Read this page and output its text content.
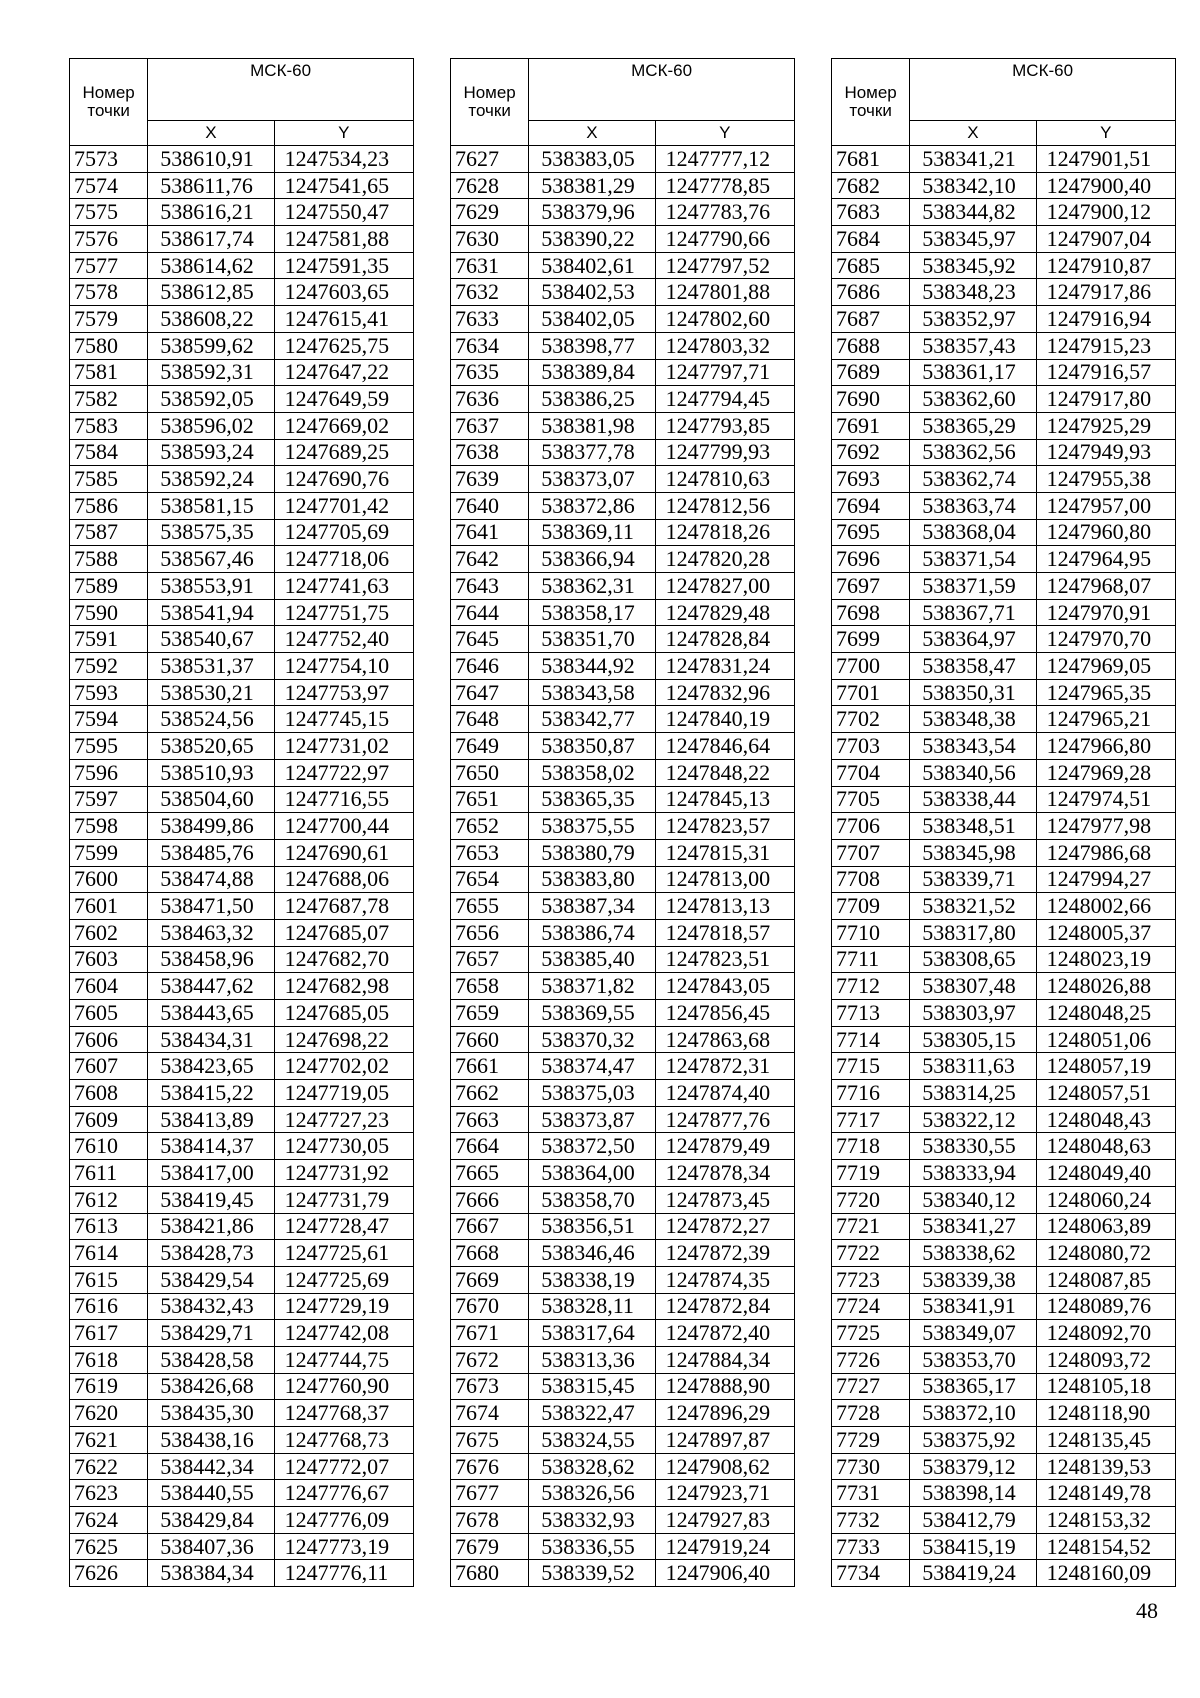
Номер точки	МСК-60	
	X	Y
7573	538610,91	1247534,23
7574	538611,76	1247541,65
7575	538616,21	1247550,47
7576	538617,74	1247581,88
7577	538614,62	1247591,35
7578	538612,85	1247603,65
7579	538608,22	1247615,41
7580	538599,62	1247625,75
7581	538592,31	1247647,22
7582	538592,05	1247649,59
7583	538596,02	1247669,02
7584	538593,24	1247689,25
7585	538592,24	1247690,76
7586	538581,15	1247701,42
7587	538575,35	1247705,69
7588	538567,46	1247718,06
7589	538553,91	1247741,63
7590	538541,94	1247751,75
7591	538540,67	1247752,40
7592	538531,37	1247754,10
7593	538530,21	1247753,97
7594	538524,56	1247745,15
7595	538520,65	1247731,02
7596	538510,93	1247722,97
7597	538504,60	1247716,55
7598	538499,86	1247700,44
7599	538485,76	1247690,61
7600	538474,88	1247688,06
7601	538471,50	1247687,78
7602	538463,32	1247685,07
7603	538458,96	1247682,70
7604	538447,62	1247682,98
7605	538443,65	1247685,05
7606	538434,31	1247698,22
7607	538423,65	1247702,02
7608	538415,22	1247719,05
7609	538413,89	1247727,23
7610	538414,37	1247730,05
7611	538417,00	1247731,92
7612	538419,45	1247731,79
7613	538421,86	1247728,47
7614	538428,73	1247725,61
7615	538429,54	1247725,69
7616	538432,43	1247729,19
7617	538429,71	1247742,08
7618	538428,58	1247744,75
7619	538426,68	1247760,90
7620	538435,30	1247768,37
7621	538438,16	1247768,73
7622	538442,34	1247772,07
7623	538440,55	1247776,67
7624	538429,84	1247776,09
7625	538407,36	1247773,19
7626	538384,34	1247776,11
Номер точки	МСК-60	
	X	Y
7627	538383,05	1247777,12
7628	538381,29	1247778,85
7629	538379,96	1247783,76
7630	538390,22	1247790,66
7631	538402,61	1247797,52
7632	538402,53	1247801,88
7633	538402,05	1247802,60
7634	538398,77	1247803,32
7635	538389,84	1247797,71
7636	538386,25	1247794,45
7637	538381,98	1247793,85
7638	538377,78	1247799,93
7639	538373,07	1247810,63
7640	538372,86	1247812,56
7641	538369,11	1247818,26
7642	538366,94	1247820,28
7643	538362,31	1247827,00
7644	538358,17	1247829,48
7645	538351,70	1247828,84
7646	538344,92	1247831,24
7647	538343,58	1247832,96
7648	538342,77	1247840,19
7649	538350,87	1247846,64
7650	538358,02	1247848,22
7651	538365,35	1247845,13
7652	538375,55	1247823,57
7653	538380,79	1247815,31
7654	538383,80	1247813,00
7655	538387,34	1247813,13
7656	538386,74	1247818,57
7657	538385,40	1247823,51
7658	538371,82	1247843,05
7659	538369,55	1247856,45
7660	538370,32	1247863,68
7661	538374,47	1247872,31
7662	538375,03	1247874,40
7663	538373,87	1247877,76
7664	538372,50	1247879,49
7665	538364,00	1247878,34
7666	538358,70	1247873,45
7667	538356,51	1247872,27
7668	538346,46	1247872,39
7669	538338,19	1247874,35
7670	538328,11	1247872,84
7671	538317,64	1247872,40
7672	538313,36	1247884,34
7673	538315,45	1247888,90
7674	538322,47	1247896,29
7675	538324,55	1247897,87
7676	538328,62	1247908,62
7677	538326,56	1247923,71
7678	538332,93	1247927,83
7679	538336,55	1247919,24
7680	538339,52	1247906,40
Номер точки	МСК-60	
	X	Y
7681	538341,21	1247901,51
7682	538342,10	1247900,40
7683	538344,82	1247900,12
7684	538345,97	1247907,04
7685	538345,92	1247910,87
7686	538348,23	1247917,86
7687	538352,97	1247916,94
7688	538357,43	1247915,23
7689	538361,17	1247916,57
7690	538362,60	1247917,80
7691	538365,29	1247925,29
7692	538362,56	1247949,93
7693	538362,74	1247955,38
7694	538363,74	1247957,00
7695	538368,04	1247960,80
7696	538371,54	1247964,95
7697	538371,59	1247968,07
7698	538367,71	1247970,91
7699	538364,97	1247970,70
7700	538358,47	1247969,05
7701	538350,31	1247965,35
7702	538348,38	1247965,21
7703	538343,54	1247966,80
7704	538340,56	1247969,28
7705	538338,44	1247974,51
7706	538348,51	1247977,98
7707	538345,98	1247986,68
7708	538339,71	1247994,27
7709	538321,52	1248002,66
7710	538317,80	1248005,37
7711	538308,65	1248023,19
7712	538307,48	1248026,88
7713	538303,97	1248048,25
7714	538305,15	1248051,06
7715	538311,63	1248057,19
7716	538314,25	1248057,51
7717	538322,12	1248048,43
7718	538330,55	1248048,63
7719	538333,94	1248049,40
7720	538340,12	1248060,24
7721	538341,27	1248063,89
7722	538338,62	1248080,72
7723	538339,38	1248087,85
7724	538341,91	1248089,76
7725	538349,07	1248092,70
7726	538353,70	1248093,72
7727	538365,17	1248105,18
7728	538372,10	1248118,90
7729	538375,92	1248135,45
7730	538379,12	1248139,53
7731	538398,14	1248149,78
7732	538412,79	1248153,32
7733	538415,19	1248154,52
7734	538419,24	1248160,09
48
